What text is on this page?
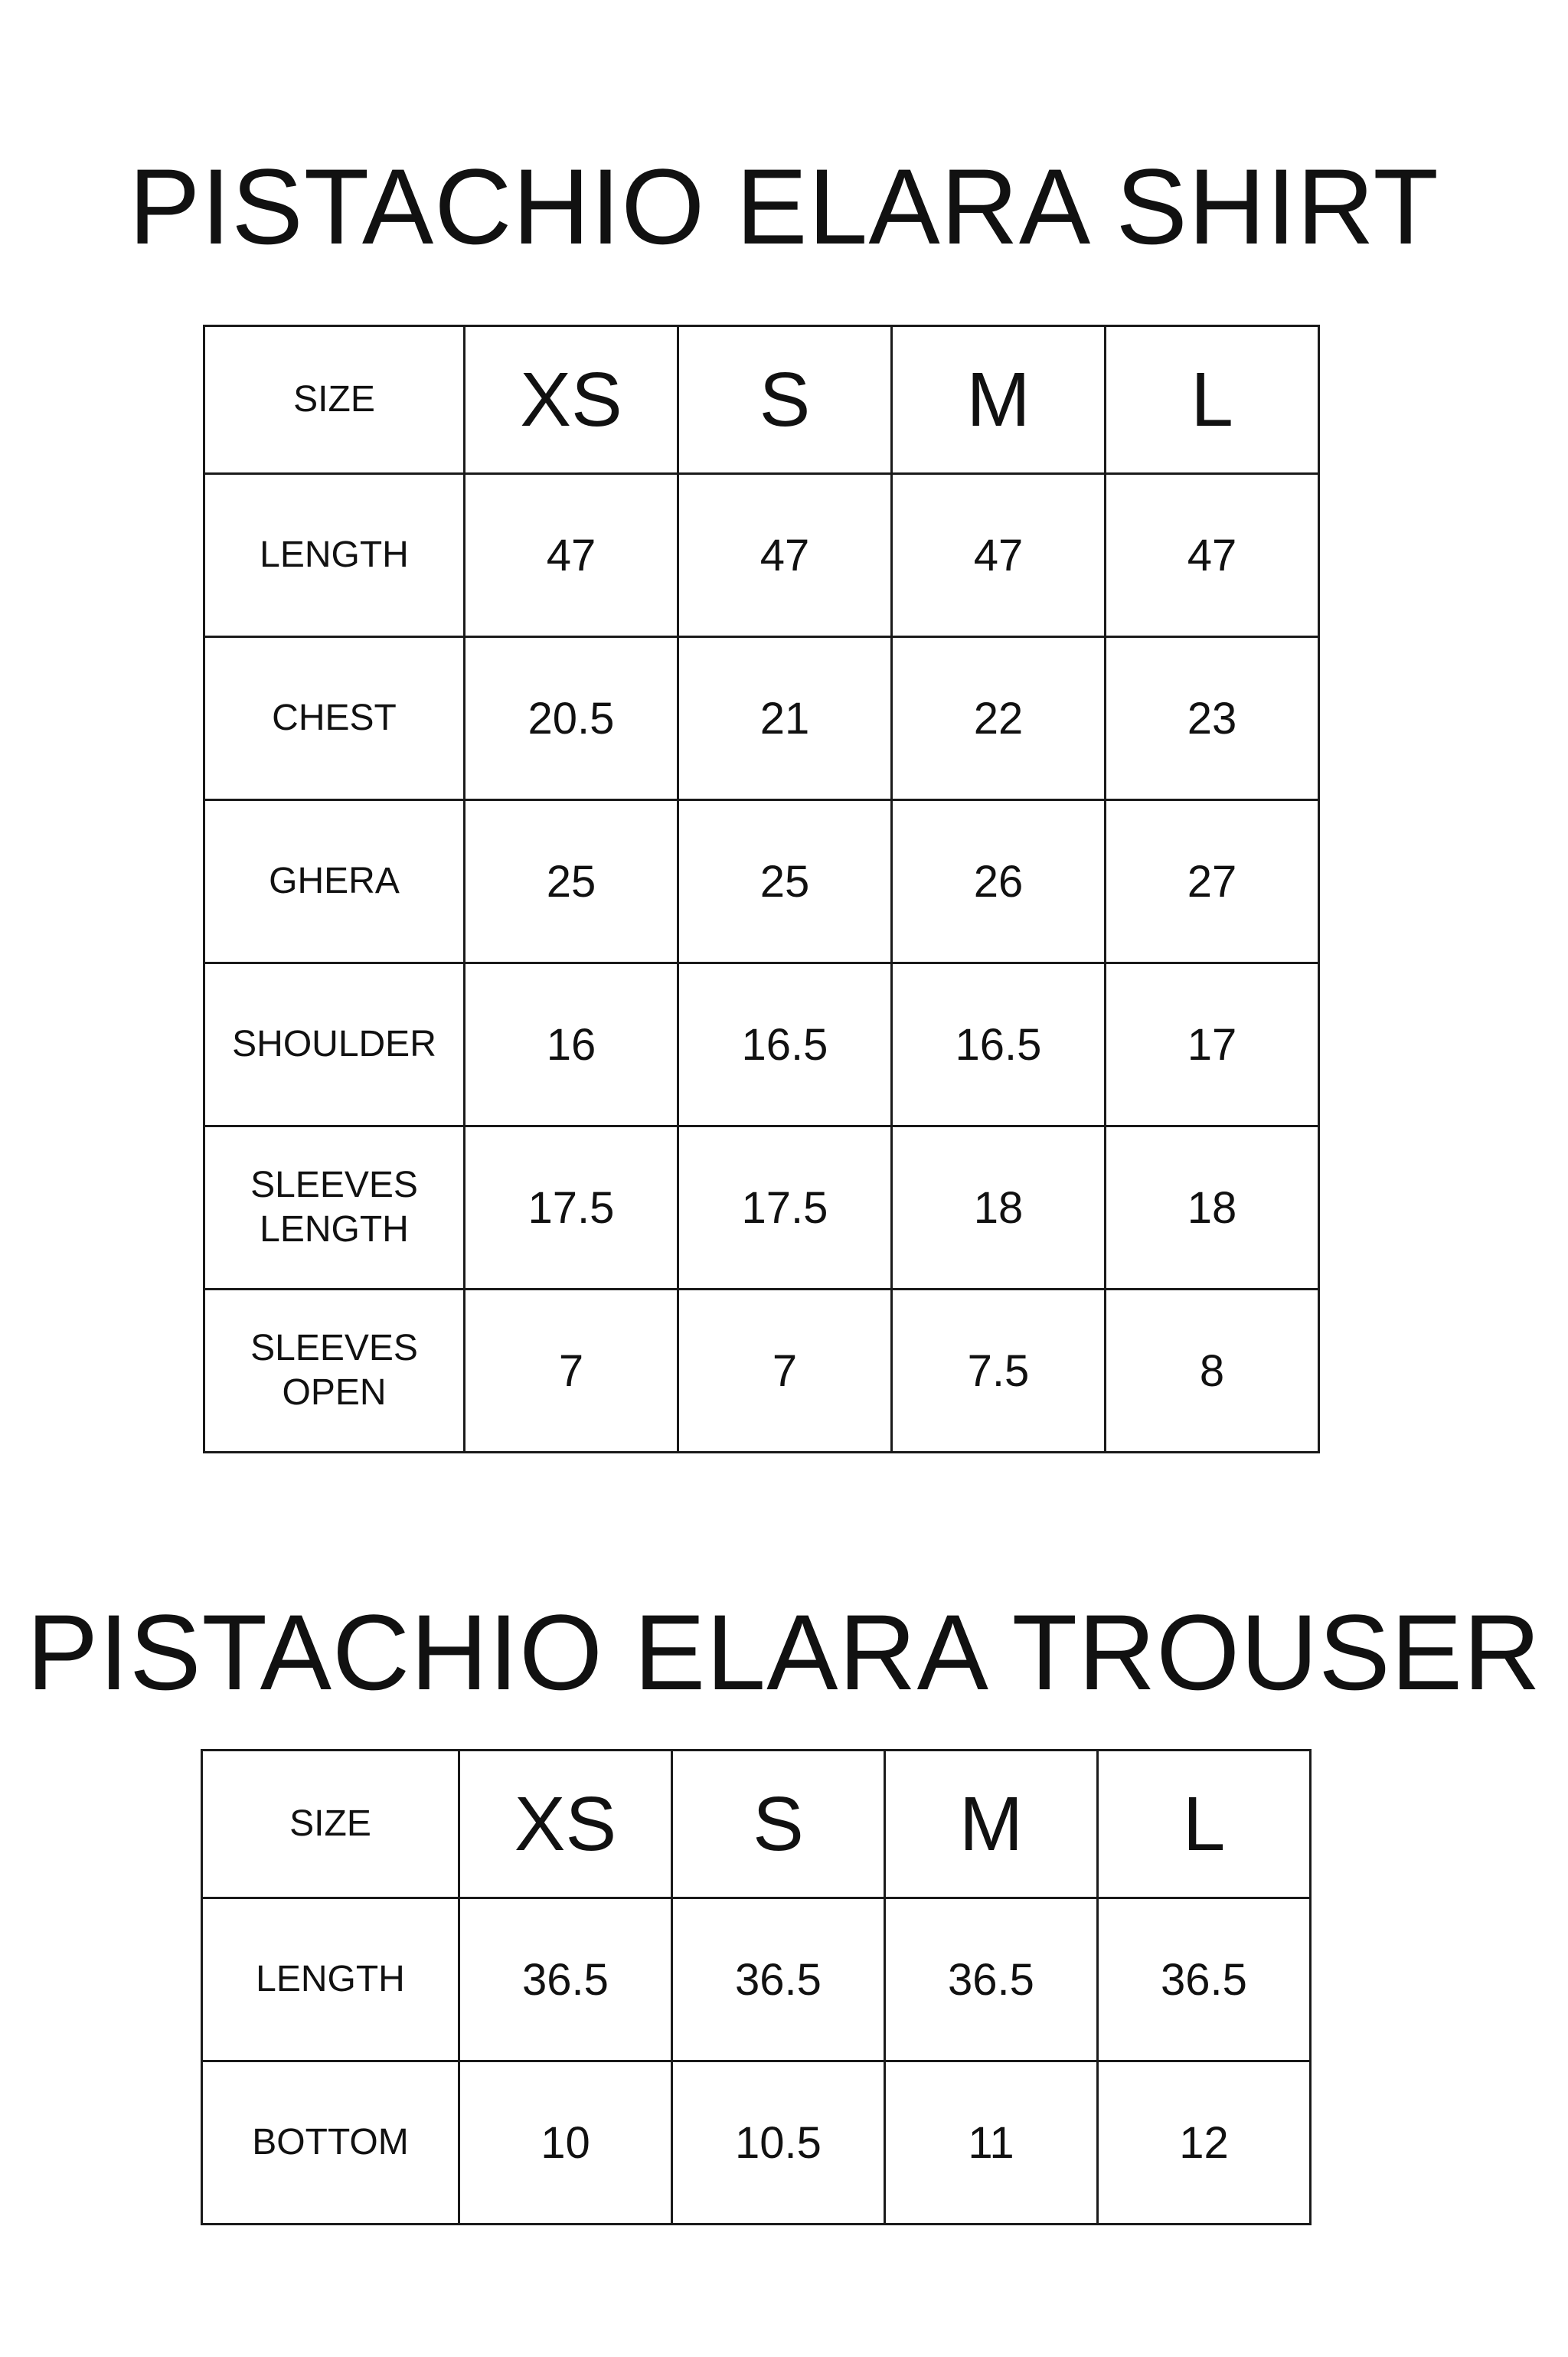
PISTACHIO ELARA SHIRT
SIZE	XS	S	M	L

LENGTH	47	47	47	47

CHEST	20.5	21	22	23

GHERA	25	25	26	27

SHOULDER	16	16.5	16.5	17

SLEEVES
LENGTH	17.5	17.5	18	18

SLEEVES
OPEN	7	7	7.5	8
PISTACHIO ELARA TROUSER
SIZE	XS	S	M	L

LENGTH	36.5	36.5	36.5	36.5

BOTTOM	10	10.5	11	12
